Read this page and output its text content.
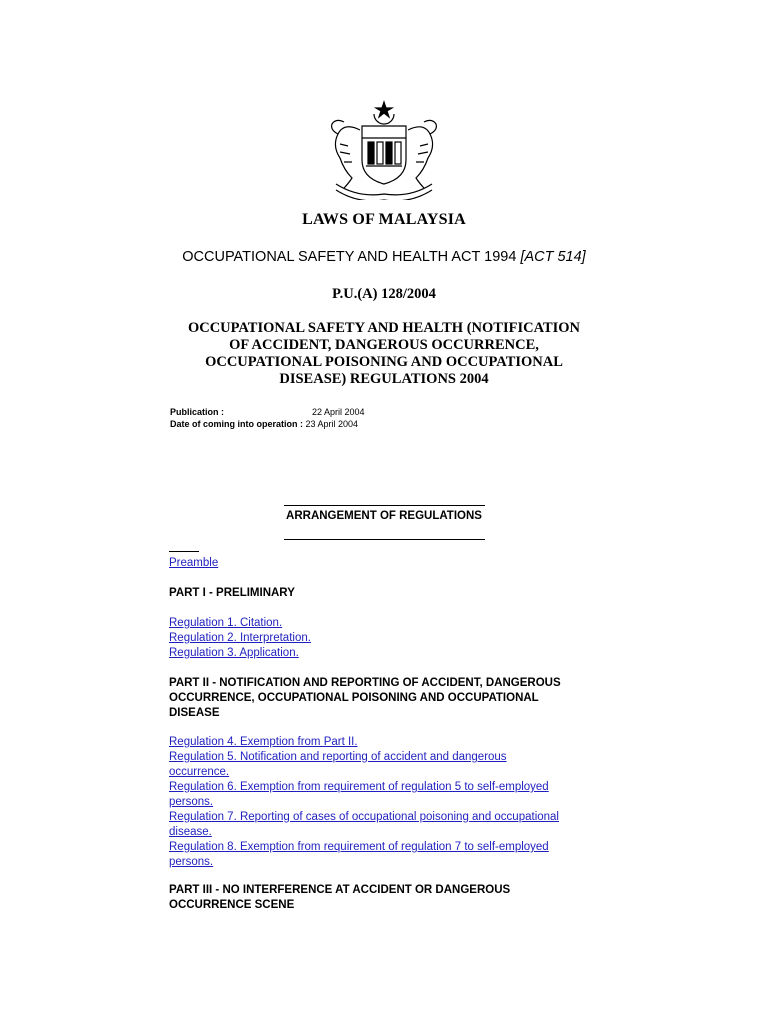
LAWS OF MALAYSIA
OCCUPATIONAL SAFETY AND HEALTH ACT 1994 [ACT 514]
P.U.(A) 128/2004
OCCUPATIONAL SAFETY AND HEALTH (NOTIFICATION
OF ACCIDENT, DANGEROUS OCCURRENCE,
OCCUPATIONAL POISONING AND OCCUPATIONAL
DISEASE) REGULATIONS 2004
Publication :	22 April 2004
Date of coming into operation : 23 April 2004
ARRANGEMENT OF REGULATIONS
Preamble
PART I - PRELIMINARY
Regulation 1. Citation.
Regulation 2. Interpretation.
Regulation 3. Application.
PART II - NOTIFICATION AND REPORTING OF ACCIDENT, DANGEROUS
OCCURRENCE, OCCUPATIONAL POISONING AND OCCUPATIONAL
DISEASE
Regulation 4. Exemption from Part II.
Regulation 5. Notification and reporting of accident and dangerous
occurrence.
Regulation 6. Exemption from requirement of regulation 5 to self-employed
persons.
Regulation 7. Reporting of cases of occupational poisoning and occupational
disease.
Regulation 8. Exemption from requirement of regulation 7 to self-employed
persons.
PART III - NO INTERFERENCE AT ACCIDENT OR DANGEROUS
OCCURRENCE SCENE
